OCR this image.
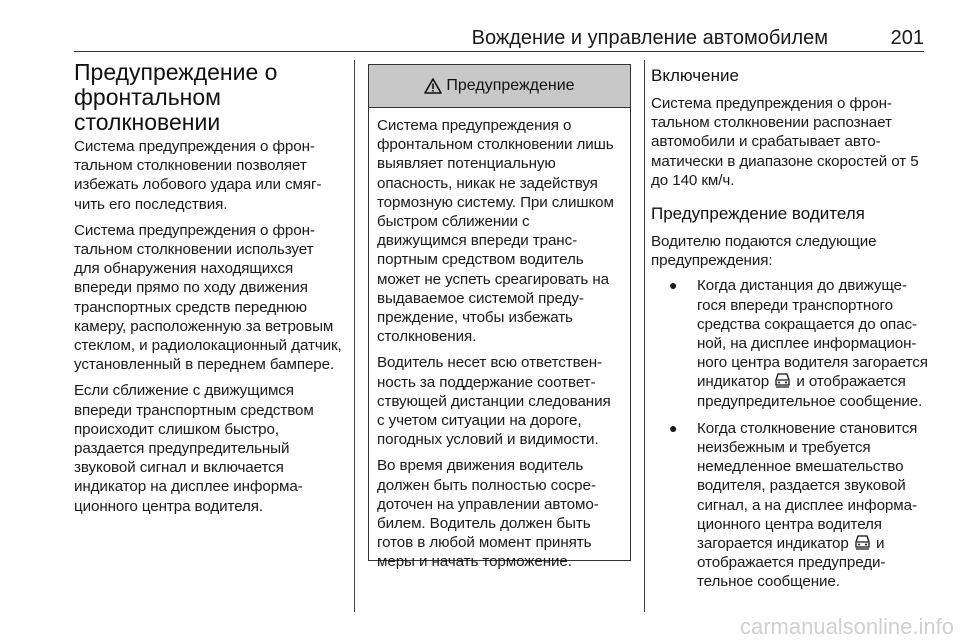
Вождение и управление автомобилем	201
Предупреждение о фронтальном столкновении

Система предупреждения о фронтальном столкновении позволяет избежать лобового удара или смягчить его последствия.

Система предупреждения о фронтальном столкновении использует для обнаружения находящихся впереди прямо по ходу движения транспортных средств переднюю камеру, расположенную за ветровым стеклом, и радиолокационный датчик, установленный в переднем бампере.

Если сближение с движущимся впереди транспортным средством происходит слишком быстро, раздается предупредительный звуковой сигнал и включается индикатор на дисплее информационного центра водителя.

Предупреждение

Система предупреждения о фронтальном столкновении лишь выявляет потенциальную опасность, никак не задействуя тормозную систему. При слишком быстром сближении с движущимся впереди транспортным средством водитель может не успеть среагировать на выдаваемое системой предупреждение, чтобы избежать столкновения.

Водитель несет всю ответственность за поддержание соответствующей дистанции следования с учетом ситуации на дороге, погодных условий и видимости.

Во время движения водитель должен быть полностью сосредоточен на управлении автомобилем. Водитель должен быть готов в любой момент принять меры и начать торможение.

Включение

Система предупреждения о фронтальном столкновении распознает автомобили и срабатывает автоматически в диапазоне скоростей от 5 до 140 км/ч.

Предупреждение водителя

Водителю подаются следующие предупреждения:

● Когда дистанция до движущегося впереди транспортного средства сокращается до опасной, на дисплее информационного центра водителя загорается индикатор и отображается предупредительное сообщение.
● Когда столкновение становится неизбежным и требуется немедленное вмешательство водителя, раздается звуковой сигнал, а на дисплее информационного центра водителя загорается индикатор и отображается предупредительное сообщение.
carmanualsonline.info
